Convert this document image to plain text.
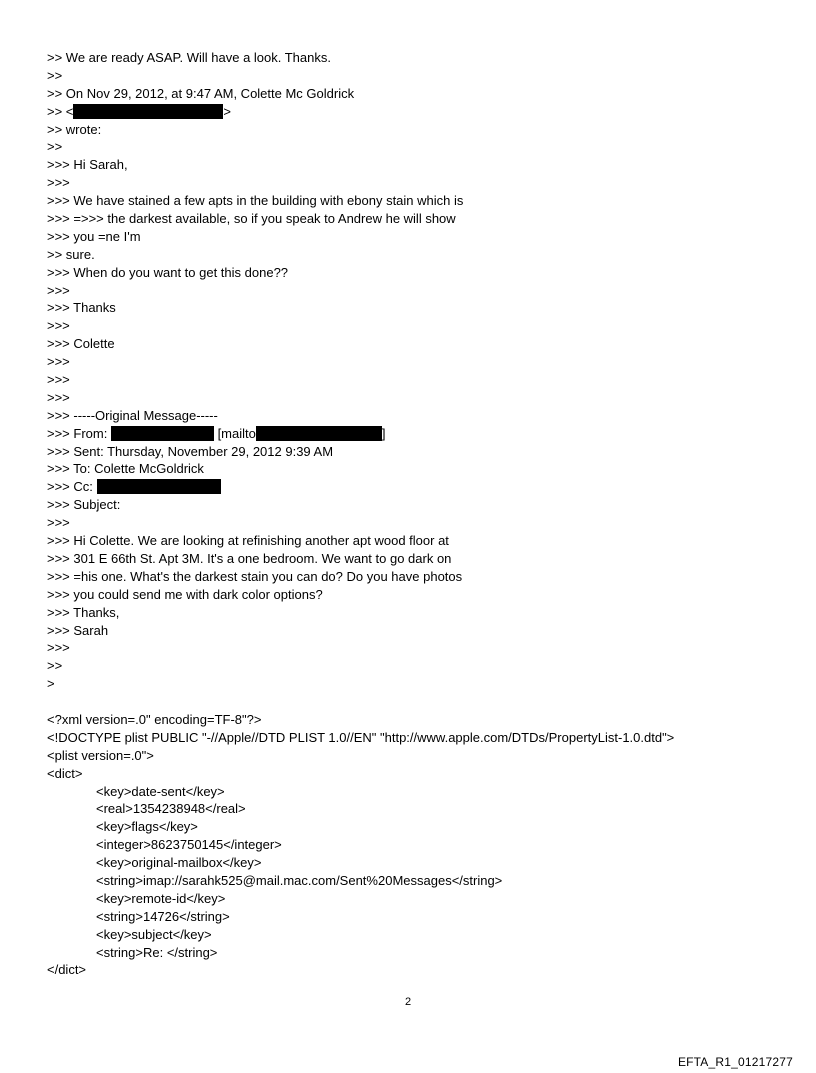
>> We are ready ASAP. Will have a look. Thanks.
>>
>> On Nov 29, 2012, at 9:47 AM, Colette Mc Goldrick
>> <	>
>> wrote:
>>
>>> Hi Sarah,
>>>
>>> We have stained a few apts in the building with ebony stain which is
>>> =>>> the darkest available, so if you speak to Andrew he will show
>>> you =ne I'm
>> sure.
>>> When do you want to get this done??
>>>
>>> Thanks
>>>
>>> Colette
>>>
>>>
>>>
>>> -----Original Message-----
>>> From:	[mailto	]
>>> Sent: Thursday, November 29, 2012 9:39 AM
>>> To: Colette McGoldrick
>>> Cc:
>>> Subject:
>>>
>>> Hi Colette. We are looking at refinishing another apt wood floor at
>>> 301 E 66th St. Apt 3M. It's a one bedroom. We want to go dark on
>>> =his one. What's the darkest stain you can do? Do you have photos
>>> you could send me with dark color options?
>>> Thanks,
>>> Sarah
>>>
>>
>
<?xml version=.0" encoding=TF-8"?>
<!DOCTYPE plist PUBLIC "-//Apple//DTD PLIST 1.0//EN" "http://www.apple.com/DTDs/PropertyList-1.0.dtd">
<plist version=.0">
<dict>
<key>date-sent</key>
<real>1354238948</real>
<key>flags</key>
<integer>8623750145</integer>
<key>original-mailbox</key>
<string>imap://sarahk525@mail.mac.com/Sent%20Messages</string>
<key>remote-id</key>
<string>14726</string>
<key>subject</key>
<string>Re: </string>
</dict>
2
EFTA_R1_01217277
